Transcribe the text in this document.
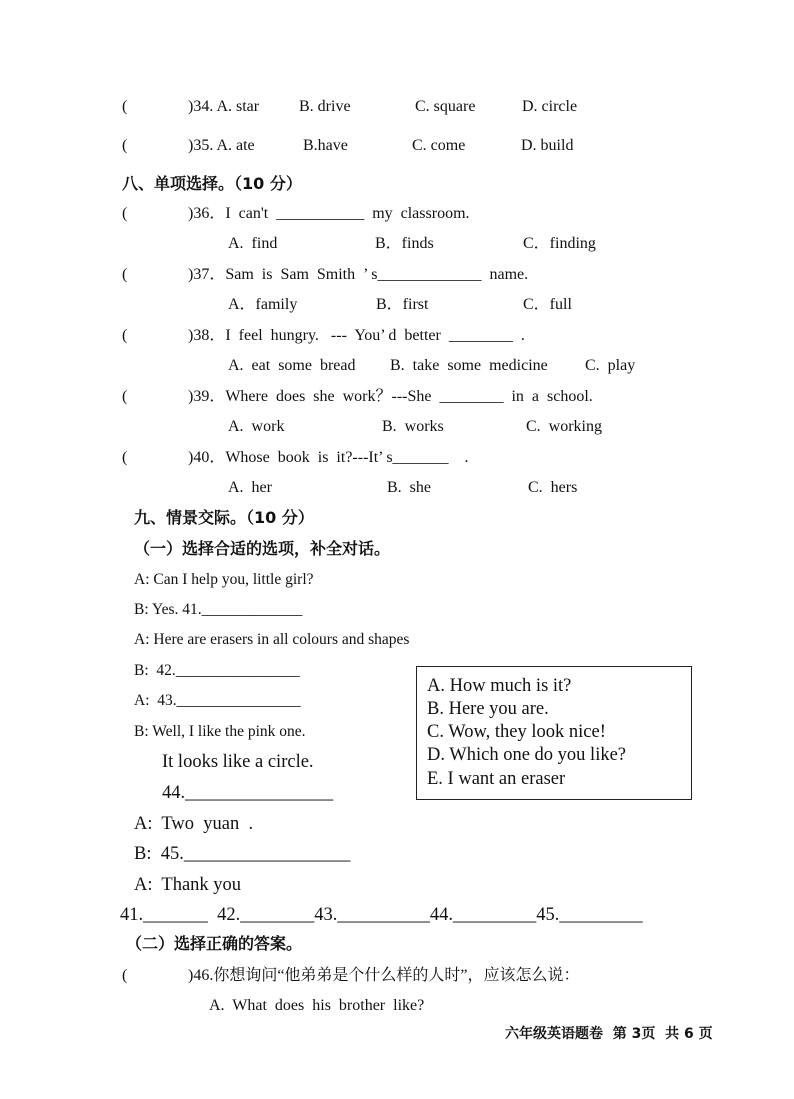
(	)34. A. star B. drive	C. square	D. circle
(	)35. A. ate	B.have	C. come	D. build
八、单项选择。（10 分）
(	)36．I  can't  ___________  my  classroom.
A.  find	B．finds	C．finding
(	)37．Sam  is  Sam  Smith  ’ s_____________  name.
A．family	B．first	C．full
(	)38．I  feel  hungry.   ---  You’ d  better  ________  .
A.  eat  some  bread B.  take  some  medicine C.  play
(	)39．Where  does  she  work？---She  ________  in  a  school.
A.  work	B.  works	C.  working
(	)40．Whose  book  is  it?---It’ s_______    .
A.  her	B.  she	C.  hers
九、情景交际。（10 分）
（一）选择合适的选项，补全对话。
A: Can I help you, little girl?
B: Yes. 41._____________
A: Here are erasers in all colours and shapes
B:  42.________________
A:  43.________________
B: Well, I like the pink one.
It looks like a circle.
44.________________
A:  Two  yuan  .
B:  45.__________________
A:  Thank you
A. How much is it?
B. Here you are.
C. Wow, they look nice!
D. Which one do you like?
E. I want an eraser
41._______  42.________43.__________44._________45._________
（二）选择正确的答案。
(	)46.你想询问“他弟弟是个什么样的人时”，应该怎么说：
A.  What  does  his  brother  like?
六年级英语题卷  第 3页  共 6 页
